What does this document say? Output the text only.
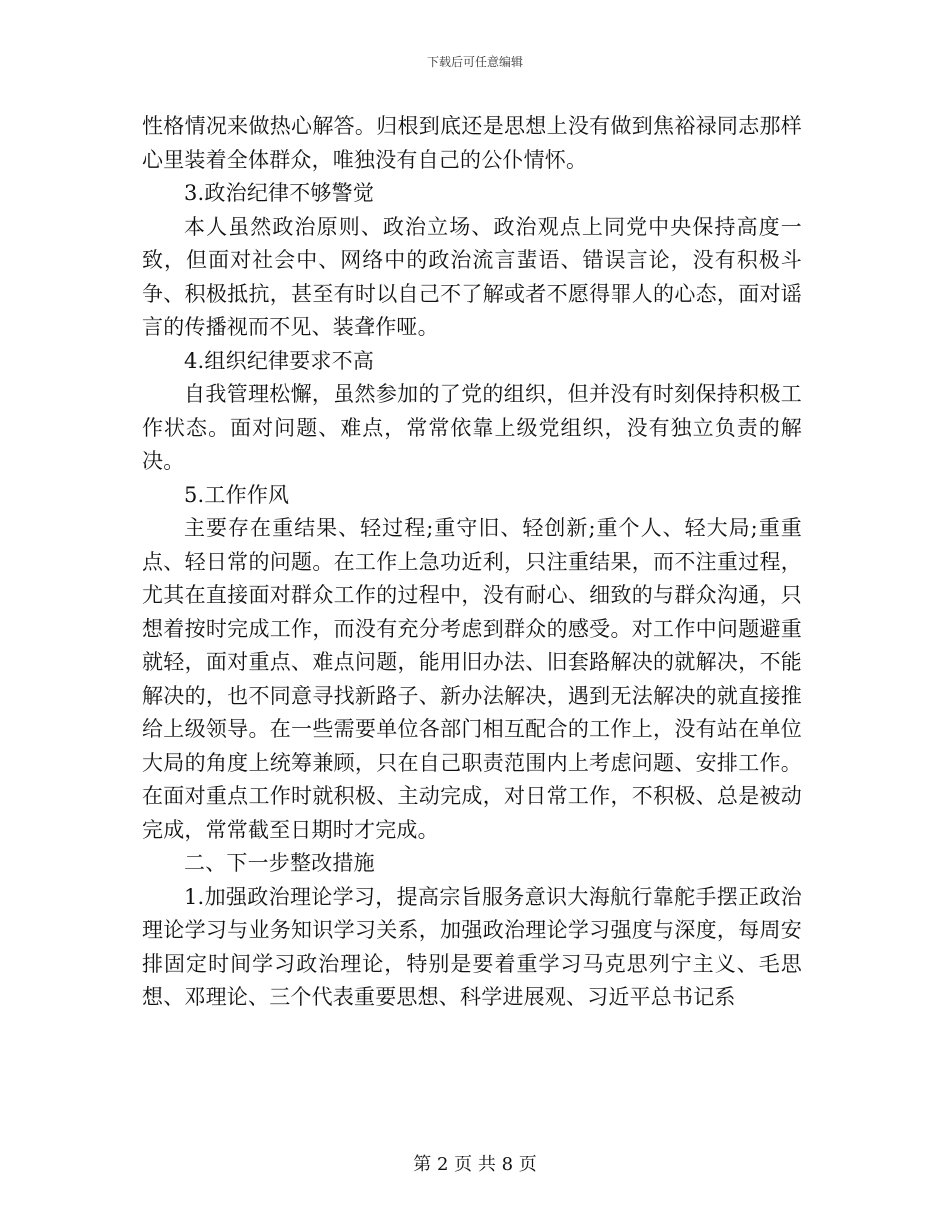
下载后可任意编辑

性格情况来做热心解答。归根到底还是思想上没有做到焦裕禄同志那样心里装着全体群众，唯独没有自己的公仆情怀。

3.政治纪律不够警觉

本人虽然政治原则、政治立场、政治观点上同党中央保持高度一致，但面对社会中、网络中的政治流言蜚语、错误言论，没有积极斗争、积极抵抗，甚至有时以自己不了解或者不愿得罪人的心态，面对谣言的传播视而不见、装聋作哑。

4.组织纪律要求不高

自我管理松懈，虽然参加的了党的组织，但并没有时刻保持积极工作状态。面对问题、难点，常常依靠上级党组织，没有独立负责的解决。

5.工作作风

主要存在重结果、轻过程;重守旧、轻创新;重个人、轻大局;重重点、轻日常的问题。在工作上急功近利，只注重结果，而不注重过程，尤其在直接面对群众工作的过程中，没有耐心、细致的与群众沟通，只想着按时完成工作，而没有充分考虑到群众的感受。对工作中问题避重就轻，面对重点、难点问题，能用旧办法、旧套路解决的就解决，不能解决的，也不同意寻找新路子、新办法解决，遇到无法解决的就直接推给上级领导。在一些需要单位各部门相互配合的工作上，没有站在单位大局的角度上统筹兼顾，只在自己职责范围内上考虑问题、安排工作。在面对重点工作时就积极、主动完成，对日常工作，不积极、总是被动完成，常常截至日期时才完成。

二、下一步整改措施

1.加强政治理论学习，提高宗旨服务意识大海航行靠舵手摆正政治理论学习与业务知识学习关系，加强政治理论学习强度与深度，每周安排固定时间学习政治理论，特别是要着重学习马克思列宁主义、毛思想、邓理论、三个代表重要思想、科学进展观、习近平总书记系

第 2 页 共 8 页
